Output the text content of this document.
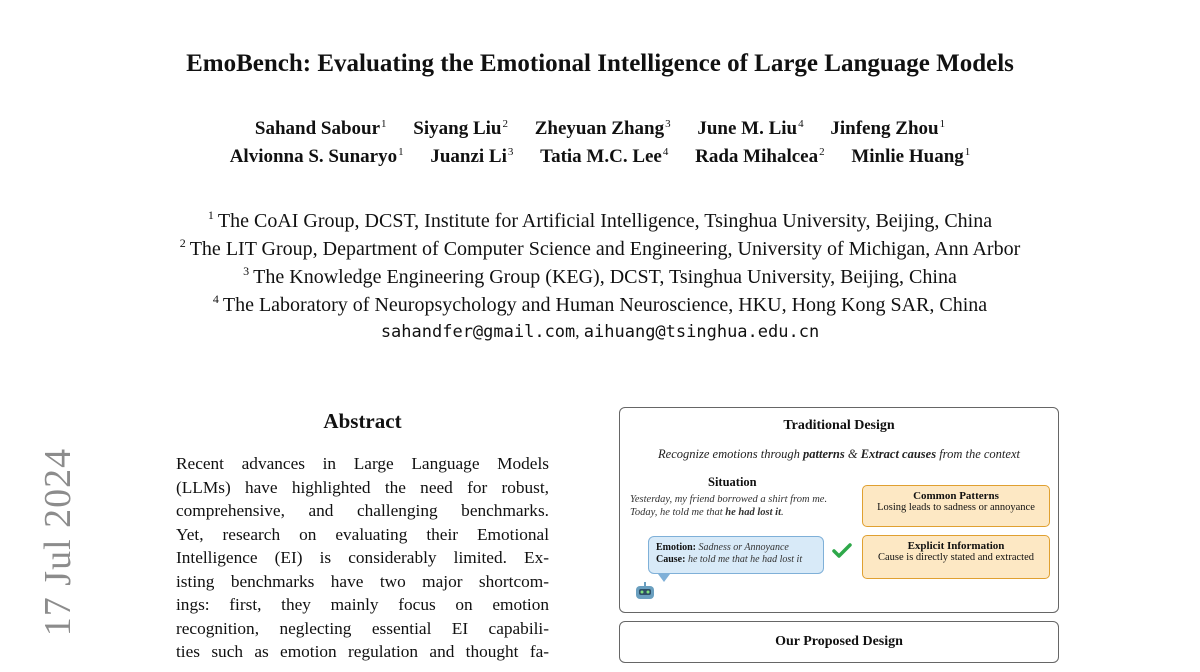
EmoBench: Evaluating the Emotional Intelligence of Large Language Models
Sahand Sabour$^1$ Siyang Liu$^2$ Zheyuan Zhang$^3$ June M. Liu$^4$ Jinfeng Zhou$^1$
Alvionna S. Sunaryo$^1$ Juanzi Li$^3$ Tatia M.C. Lee$^4$ Rada Mihalcea$^2$ Minlie Huang$^1$
$^1$ The CoAI Group, DCST, Institute for Artificial Intelligence, Tsinghua University, Beijing, China
$^2$ The LIT Group, Department of Computer Science and Engineering, University of Michigan, Ann Arbor
$^3$ The Knowledge Engineering Group (KEG), DCST, Tsinghua University, Beijing, China
$^4$ The Laboratory of Neuropsychology and Human Neuroscience, HKU, Hong Kong SAR, China
sahandfer@gmail.com, aihuang@tsinghua.edu.cn
17 Jul 2024
Abstract
Recent advances in Large Language Models
(LLMs) have highlighted the need for robust,
comprehensive, and challenging benchmarks.
Yet, research on evaluating their Emotional
Intelligence (EI) is considerably limited. Ex-
isting benchmarks have two major shortcom-
ings: first, they mainly focus on emotion
recognition, neglecting essential EI capabili-
ties such as emotion regulation and thought fa-
Traditional Design
Recognize emotions through patterns & Extract causes from the context
Situation
Yesterday, my friend borrowed a shirt from me. Today, he told me that he had lost it.
Common Patterns
Losing leads to sadness or annoyance
Explicit Information
Cause is directly stated and extracted
Emotion: Sadness or Annoyance
Cause: he told me that he had lost it
Our Proposed Design
